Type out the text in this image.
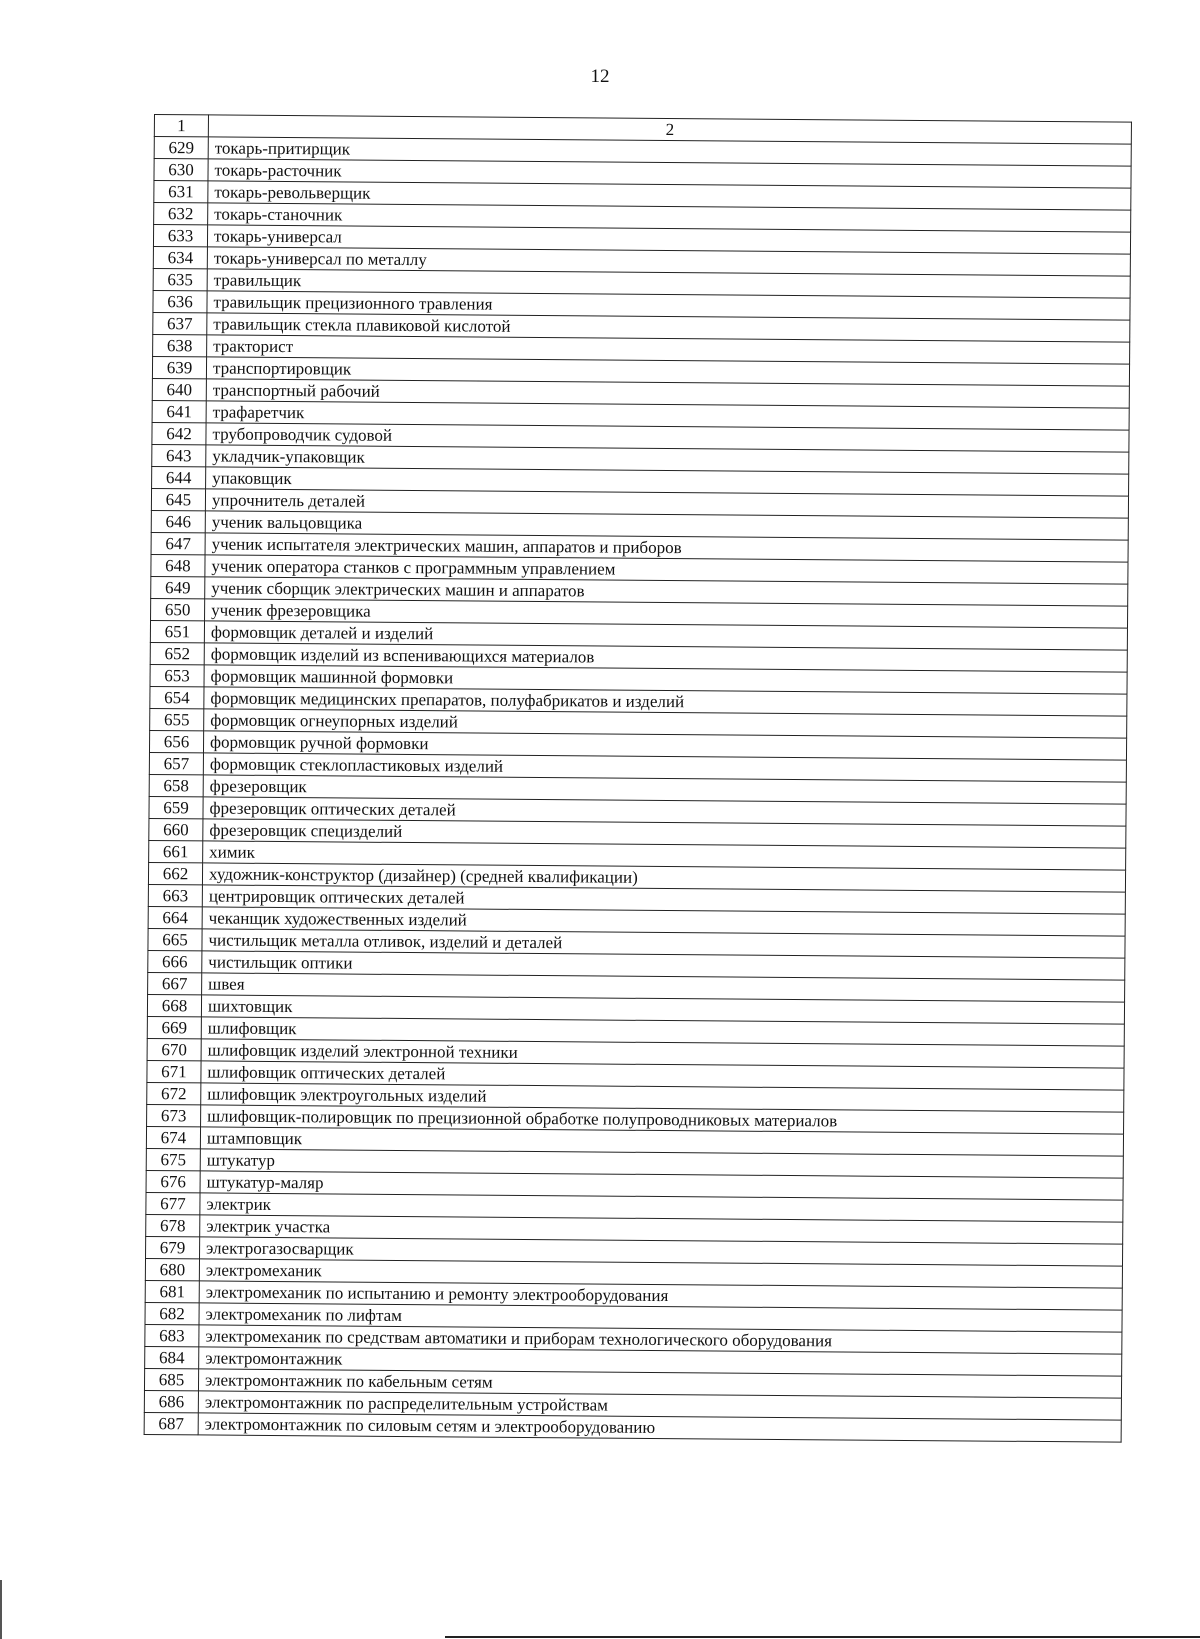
12
1	2
629	токарь-притирщик
630	токарь-расточник
631	токарь-револьверщик
632	токарь-станочник
633	токарь-универсал
634	токарь-универсал по металлу
635	травильщик
636	травильщик прецизионного травления
637	травильщик стекла плавиковой кислотой
638	тракторист
639	транспортировщик
640	транспортный рабочий
641	трафаретчик
642	трубопроводчик судовой
643	укладчик-упаковщик
644	упаковщик
645	упрочнитель деталей
646	ученик вальцовщика
647	ученик испытателя электрических машин, аппаратов и приборов
648	ученик оператора станков с программным управлением
649	ученик сборщик электрических машин и аппаратов
650	ученик фрезеровщика
651	формовщик деталей и изделий
652	формовщик изделий из вспенивающихся материалов
653	формовщик машинной формовки
654	формовщик медицинских препаратов, полуфабрикатов и изделий
655	формовщик огнеупорных изделий
656	формовщик ручной формовки
657	формовщик стеклопластиковых изделий
658	фрезеровщик
659	фрезеровщик оптических деталей
660	фрезеровщик специзделий
661	химик
662	художник-конструктор (дизайнер) (средней квалификации)
663	центрировщик оптических деталей
664	чеканщик художественных изделий
665	чистильщик металла отливок, изделий и деталей
666	чистильщик оптики
667	швея
668	шихтовщик
669	шлифовщик
670	шлифовщик изделий электронной техники
671	шлифовщик оптических деталей
672	шлифовщик электроугольных изделий
673	шлифовщик-полировщик по прецизионной обработке полупроводниковых материалов
674	штамповщик
675	штукатур
676	штукатур-маляр
677	электрик
678	электрик участка
679	электрогазосварщик
680	электромеханик
681	электромеханик по испытанию и ремонту электрооборудования
682	электромеханик по лифтам
683	электромеханик по средствам автоматики и приборам технологического оборудования
684	электромонтажник
685	электромонтажник по кабельным сетям
686	электромонтажник по распределительным устройствам
687	электромонтажник по силовым сетям и электрооборудованию
